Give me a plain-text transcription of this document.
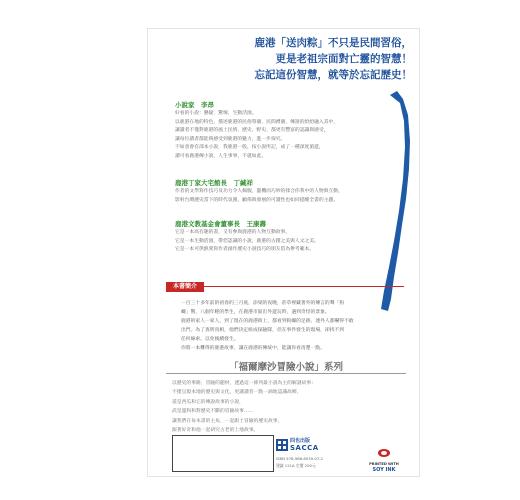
鹿港「送肉粽」不只是民間習俗，
更是老祖宗面對亡靈的智慧！
忘記這份智慧，就等於忘記歷史！
小說家　李昂
好看的小說：懸疑、驚悚、生動活潑。
以鹿港在地的特色，描述鹿港的民俗祭儀、民間禮儀、傳說的紛紛融入其中，
讓讀者不僅對鹿港的風土民情、歷史、野史、都更有豐富的認識與感受，
讓每位讀者都能夠感受到鹿港的魅力，進一步探究。
不如意會有部本小說，我鹿港一般，按小說所記，成了一種深度旅遊，
讀可看鹿港傳小說，人生事事，不就如此。
鹿港丁家大宅館長　丁緘祥
作者的文學寫作技巧及功力令人佩服，靈機而巧妙的揉合你我中的人物與互動，
影射台灣歷史當下的時代氛圍，顧佈與發展的可讀性也如同提醒全書的主題。
鹿港文教基金會董事長　王康壽
它是一本高有趣的書，又有參與鹿港的人物互動故事。
它是一本生動活潑，帶您認識的小說，鹿港的古蹟之美與人文之美。
它是一本可供熱愛寫作者創作歷史小說技巧的朋友借為參考範本。
本書簡介
一百三十多年前的初春的三月底，添梁的夜晚，菸草裡藏著外的傳言的聲「狗
螺」驚，八個年輕的學生，在鹿港市區出外遊玩時，遇到奇怪的景象。
鹿港的家人一家人，到了現在的鹿港街上，都看到狗螺的足跡，連外人都嚇得不敢
出門。為了查明真相，他們決定組成探險隊，但在事件發生的現場，卻找不到
任何線索。以免後續發生。
你將一本難得的鹿港故事，讓在鹿港的傳統中，能讓你看清楚一點。
「福爾摩沙冒險小說」系列
以歷史的事跡，冒險的題材，透過這一係列最小說為主的解謎故事：
不僅呈現本地的歷史與文化，更讓讀者一點一滴地認識故鄉，
還是西瓜和它的傳說故事的小說，
武是溫和和對歷史不斷的冒險故事……
讓我們在每本書的主角，一起跟上冒險的歷史故事，
跟著好奇和他一起研究古老的土地故事。
四也出版
SACCA
ISBN 978-986-6039-07-2
建議 121A 定價 200元	PRINTED WITH
SOY INK
